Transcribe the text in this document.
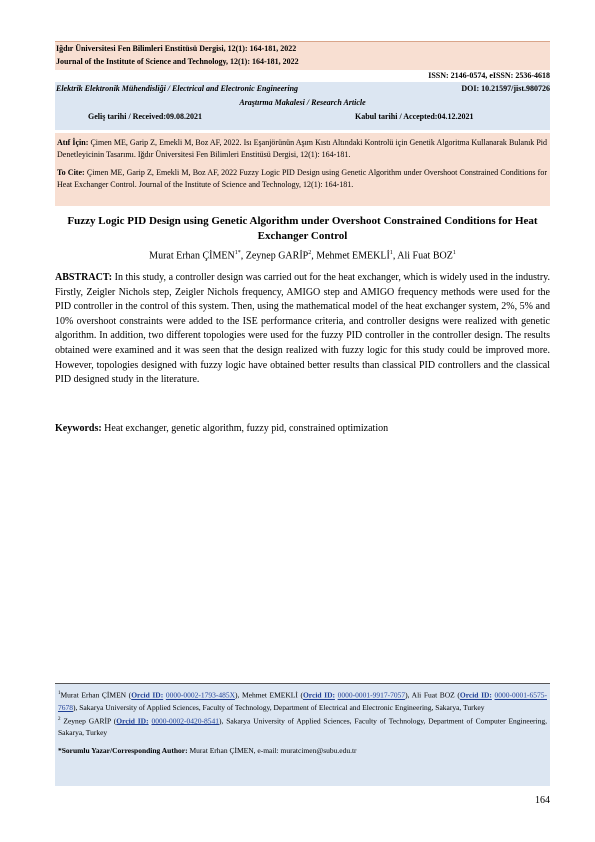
Iğdır Üniversitesi Fen Bilimleri Enstitüsü Dergisi, 12(1): 164-181, 2022
Journal of the Institute of Science and Technology, 12(1): 164-181, 2022
ISSN: 2146-0574, eISSN: 2536-4618
Elektrik Elektronik Mühendisliği / Electrical and Electronic Engineering	DOI: 10.21597/jist.980726
Araştırma Makalesi / Research Article
Geliş tarihi / Received:09.08.2021	Kabul tarihi / Accepted:04.12.2021

Atıf İçin: Çimen ME, Garip Z, Emekli M, Boz AF, 2022. Isı Eşanjörünün Aşım Kıstı Altındaki Kontrolü için Genetik Algoritma Kullanarak Bulanık Pid Denetleyicinin Tasarımı. Iğdır Üniversitesi Fen Bilimleri Enstitüsü Dergisi, 12(1): 164-181.

To Cite: Çimen ME, Garip Z, Emekli M, Boz AF, 2022 Fuzzy Logic PID Design using Genetic Algorithm under Overshoot Constrained Conditions for Heat Exchanger Control. Journal of the Institute of Science and Technology, 12(1): 164-181.

Fuzzy Logic PID Design using Genetic Algorithm under Overshoot Constrained Conditions for Heat Exchanger Control
Murat Erhan $ÇİMEN^{1*}$, Zeynep GARİP$^2$, Mehmet EMEKLİ$^1$, Ali Fuat BOZ$^1$
ABSTRACT: In this study, a controller design was carried out for the heat exchanger, which is widely used in the industry. Firstly, Zeigler Nichols step, Zeigler Nichols frequency, AMIGO step and AMIGO frequency methods were used for the PID controller in the control of this system. Then, using the mathematical model of the heat exchanger system, 2%, 5% and 10% overshoot constraints were added to the ISE performance criteria, and controller designs were realized with genetic algorithm. In addition, two different topologies were used for the fuzzy PID controller in the controller design. The results obtained were examined and it was seen that the design realized with fuzzy logic for this study could be improved more. However, topologies designed with fuzzy logic have obtained better results than classical PID controllers and the classical PID designed study in the literature.
Keywords: Heat exchanger, genetic algorithm, fuzzy pid, constrained optimization

$^1$Murat Erhan ÇİMEN (Orcid ID: 0000-0002-1793-485X), Mehmet EMEKLİ (Orcid ID: 0000-0001-9917-7057), Ali Fuat BOZ (Orcid ID: 0000-0001-6575-7678), Sakarya University of Applied Sciences, Faculty of Technology, Department of Electrical and Electronic Engineering, Sakarya, Turkey

$^2$ Zeynep GARİP (Orcid ID: 0000-0002-0420-8541), Sakarya University of Applied Sciences, Faculty of Technology, Department of Computer Engineering, Sakarya, Turkey

*Sorumlu Yazar/Corresponding Author: Murat Erhan ÇİMEN, e-mail: muratcimen@subu.edu.tr

164
